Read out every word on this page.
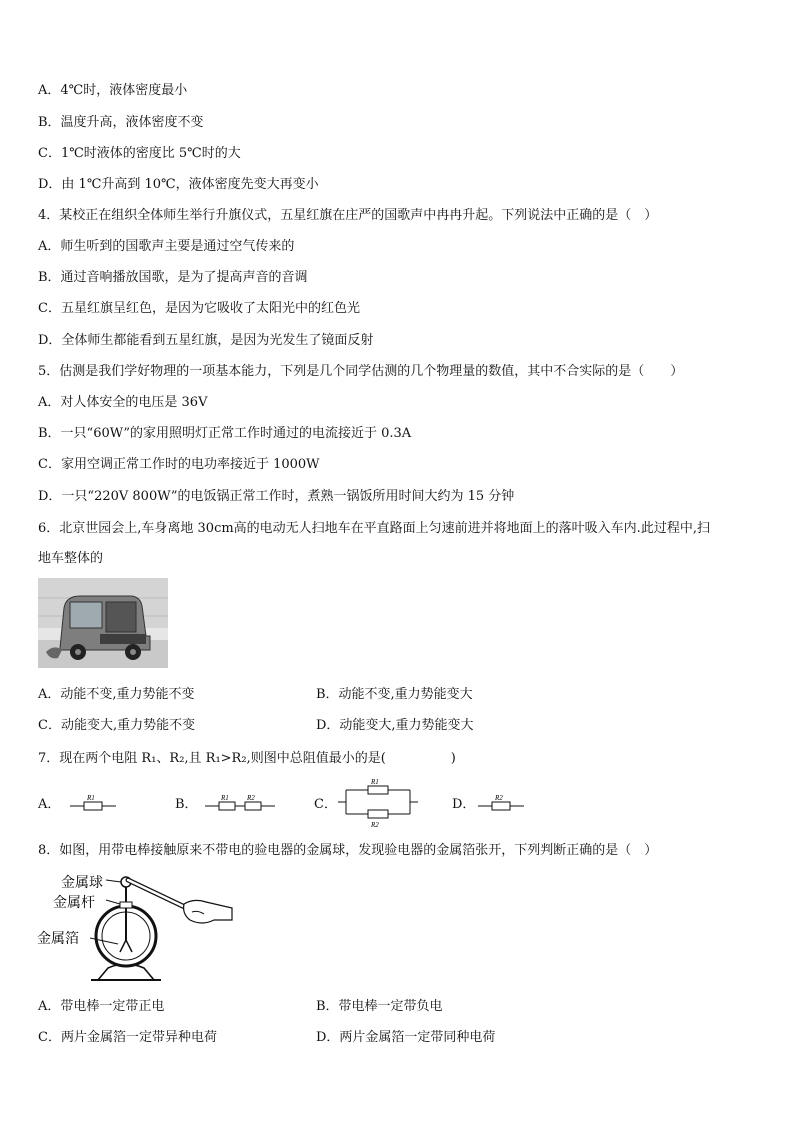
A．4℃时，液体密度最小
B．温度升高，液体密度不变
C．1℃时液体的密度比 5℃时的大
D．由 1℃升高到 10℃，液体密度先变大再变小
4．某校正在组织全体师生举行升旗仪式，五星红旗在庄严的国歌声中冉冉升起。下列说法中正确的是（　）
A．师生听到的国歌声主要是通过空气传来的
B．通过音响播放国歌，是为了提高声音的音调
C．五星红旗呈红色，是因为它吸收了太阳光中的红色光
D．全体师生都能看到五星红旗，是因为光发生了镜面反射
5．估测是我们学好物理的一项基本能力，下列是几个同学估测的几个物理量的数值，其中不合实际的是（　　）
A．对人体安全的电压是 36V
B．一只“60W”的家用照明灯正常工作时通过的电流接近于 0.3A
C．家用空调正常工作时的电功率接近于 1000W
D．一只“220V 800W”的电饭锅正常工作时，煮熟一锅饭所用时间大约为 15 分钟
6．北京世园会上,车身离地 30cm高的电动无人扫地车在平直路面上匀速前进并将地面上的落叶吸入车内.此过程中,扫
地车整体的
A．动能不变,重力势能不变	B．动能不变,重力势能变大
C．动能变大,重力势能不变	D．动能变大,重力势能变大
7．现在两个电阻 R₁、R₂,且 R₁>R₂,则图中总阻值最小的是(　　　　　)
A．	R1	B．	R1	R2	C．
R1
R2
D．	R2
8．如图，用带电棒接触原来不带电的验电器的金属球，发现验电器的金属箔张开，下列判断正确的是（　）
金属球
金属杆
金属箔
A．带电棒一定带正电	B．带电棒一定带负电
C．两片金属箔一定带异种电荷	D．两片金属箔一定带同种电荷
